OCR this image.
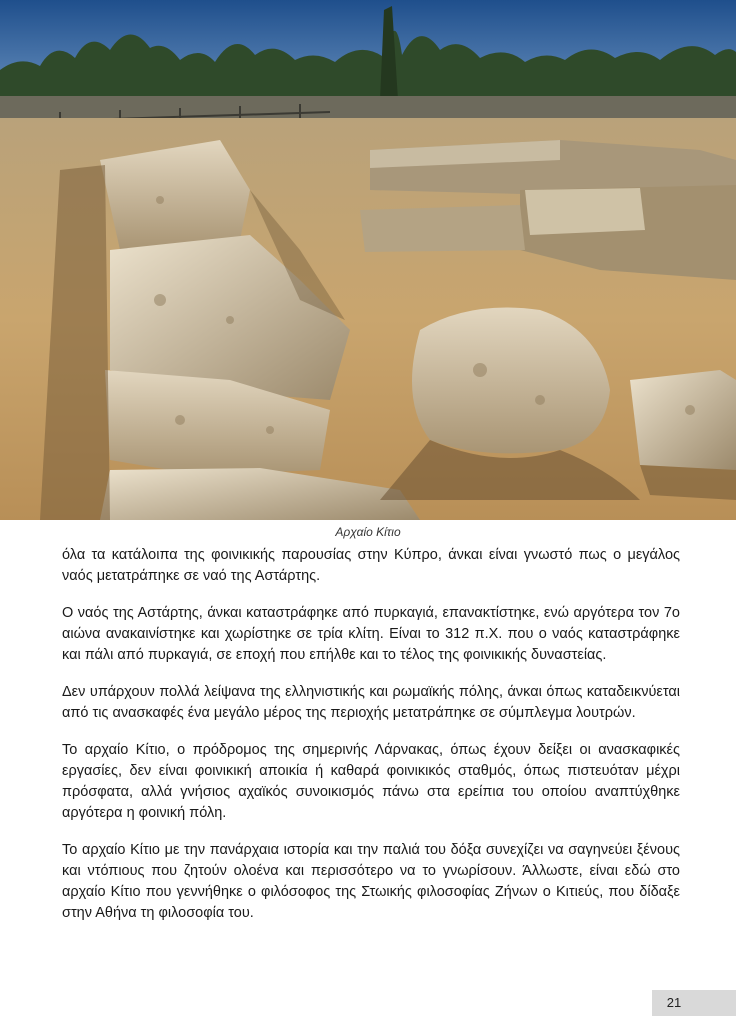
Αρχαίο Κίτιο

όλα τα κατάλοιπα της φοινικικής παρουσίας στην Κύπρο, άνκαι είναι γνωστό πως ο μεγάλος ναός μετατράπηκε σε ναό της Αστάρτης.

Ο ναός της Αστάρτης, άνκαι καταστράφηκε από πυρκαγιά, επανακτίστηκε, ενώ αργότερα τον 7ο αιώνα ανακαινίστηκε και χωρίστηκε σε τρία κλίτη. Είναι το 312 π.Χ. που ο ναός καταστράφηκε και πάλι από πυρκαγιά, σε εποχή που επήλθε και το τέλος της φοινικικής δυναστείας.

Δεν υπάρχουν πολλά λείψανα της ελληνιστικής και ρωμαϊκής πόλης, άνκαι όπως καταδεικνύεται από τις ανασκαφές ένα μεγάλο μέρος της περιοχής μετατράπηκε σε σύμπλεγμα λουτρών.

Το αρχαίο Κίτιο, ο πρόδρομος της σημερινής Λάρνακας, όπως έχουν δείξει οι ανασκαφικές εργασίες, δεν είναι φοινικική αποικία ή καθαρά φοινικικός σταθμός, όπως πιστευόταν μέχρι πρόσφατα, αλλά γνήσιος αχαϊκός συνοικισμός πάνω στα ερείπια του οποίου αναπτύχθηκε αργότερα η φοινική πόλη.

Το αρχαίο Κίτιο με την πανάρχαια ιστορία και την παλιά του δόξα συνεχίζει να σαγηνεύει ξένους και ντόπιους που ζητούν ολοένα και περισσότερο να το γνωρίσουν. Άλλωστε, είναι εδώ στο αρχαίο Κίτιο που γεννήθηκε ο φιλόσοφος της Στωικής φιλοσοφίας Ζήνων ο Κιτιεύς, που δίδαξε στην Αθήνα τη φιλοσοφία του.

21
